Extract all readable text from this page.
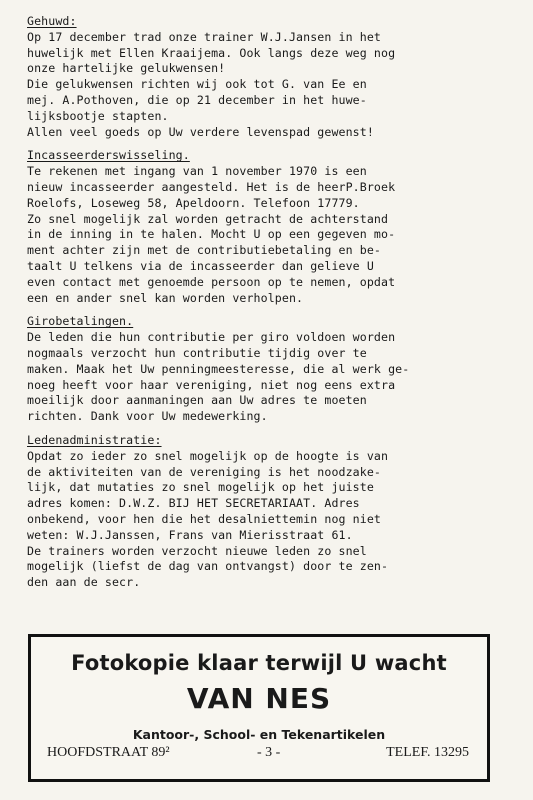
Gehuwd:
Op 17 december trad onze trainer W.J.Jansen in het
huwelijk met Ellen Kraaijema. Ook langs deze weg nog
onze hartelijke gelukwensen!
Die gelukwensen richten wij ook tot G. van Ee en
mej. A.Pothoven, die op 21 december in het huwe-
lijksbootje stapten.
Allen veel goeds op Uw verdere levenspad gewenst!
Incasseerderswisseling.
Te rekenen met ingang van 1 november 1970 is een
nieuw incasseerder aangesteld. Het is de heerP.Broek
Roelofs, Loseweg 58, Apeldoorn. Telefoon 17779.
Zo snel mogelijk zal worden getracht de achterstand
in de inning in te halen. Mocht U op een gegeven mo-
ment achter zijn met de contributiebetaling en be-
taalt U telkens via de incasseerder dan gelieve U
even contact met genoemde persoon op te nemen, opdat
een en ander snel kan worden verholpen.
Girobetalingen.
De leden die hun contributie per giro voldoen worden
nogmaals verzocht hun contributie tijdig over te
maken. Maak het Uw penningmeesteresse, die al werk ge-
noeg heeft voor haar vereniging, niet nog eens extra
moeilijk door aanmaningen aan Uw adres te moeten
richten. Dank voor Uw medewerking.
Ledenadministratie:
Opdat zo ieder zo snel mogelijk op de hoogte is van
de aktiviteiten van de vereniging is het noodzake-
lijk, dat mutaties zo snel mogelijk op het juiste
adres komen: D.W.Z. BIJ HET SECRETARIAAT. Adres
onbekend, voor hen die het desalniettemin nog niet
weten: W.J.Janssen, Frans van Mierisstraat 61.
De trainers worden verzocht nieuwe leden zo snel
mogelijk (liefst de dag van ontvangst) door te zen-
den aan de secr.
Fotokopie klaar terwijl U wacht
VAN NES
Kantoor-, School- en Tekenartikelen
HOOFDSTRAAT 89²	- 3 -	TELEF. 13295
